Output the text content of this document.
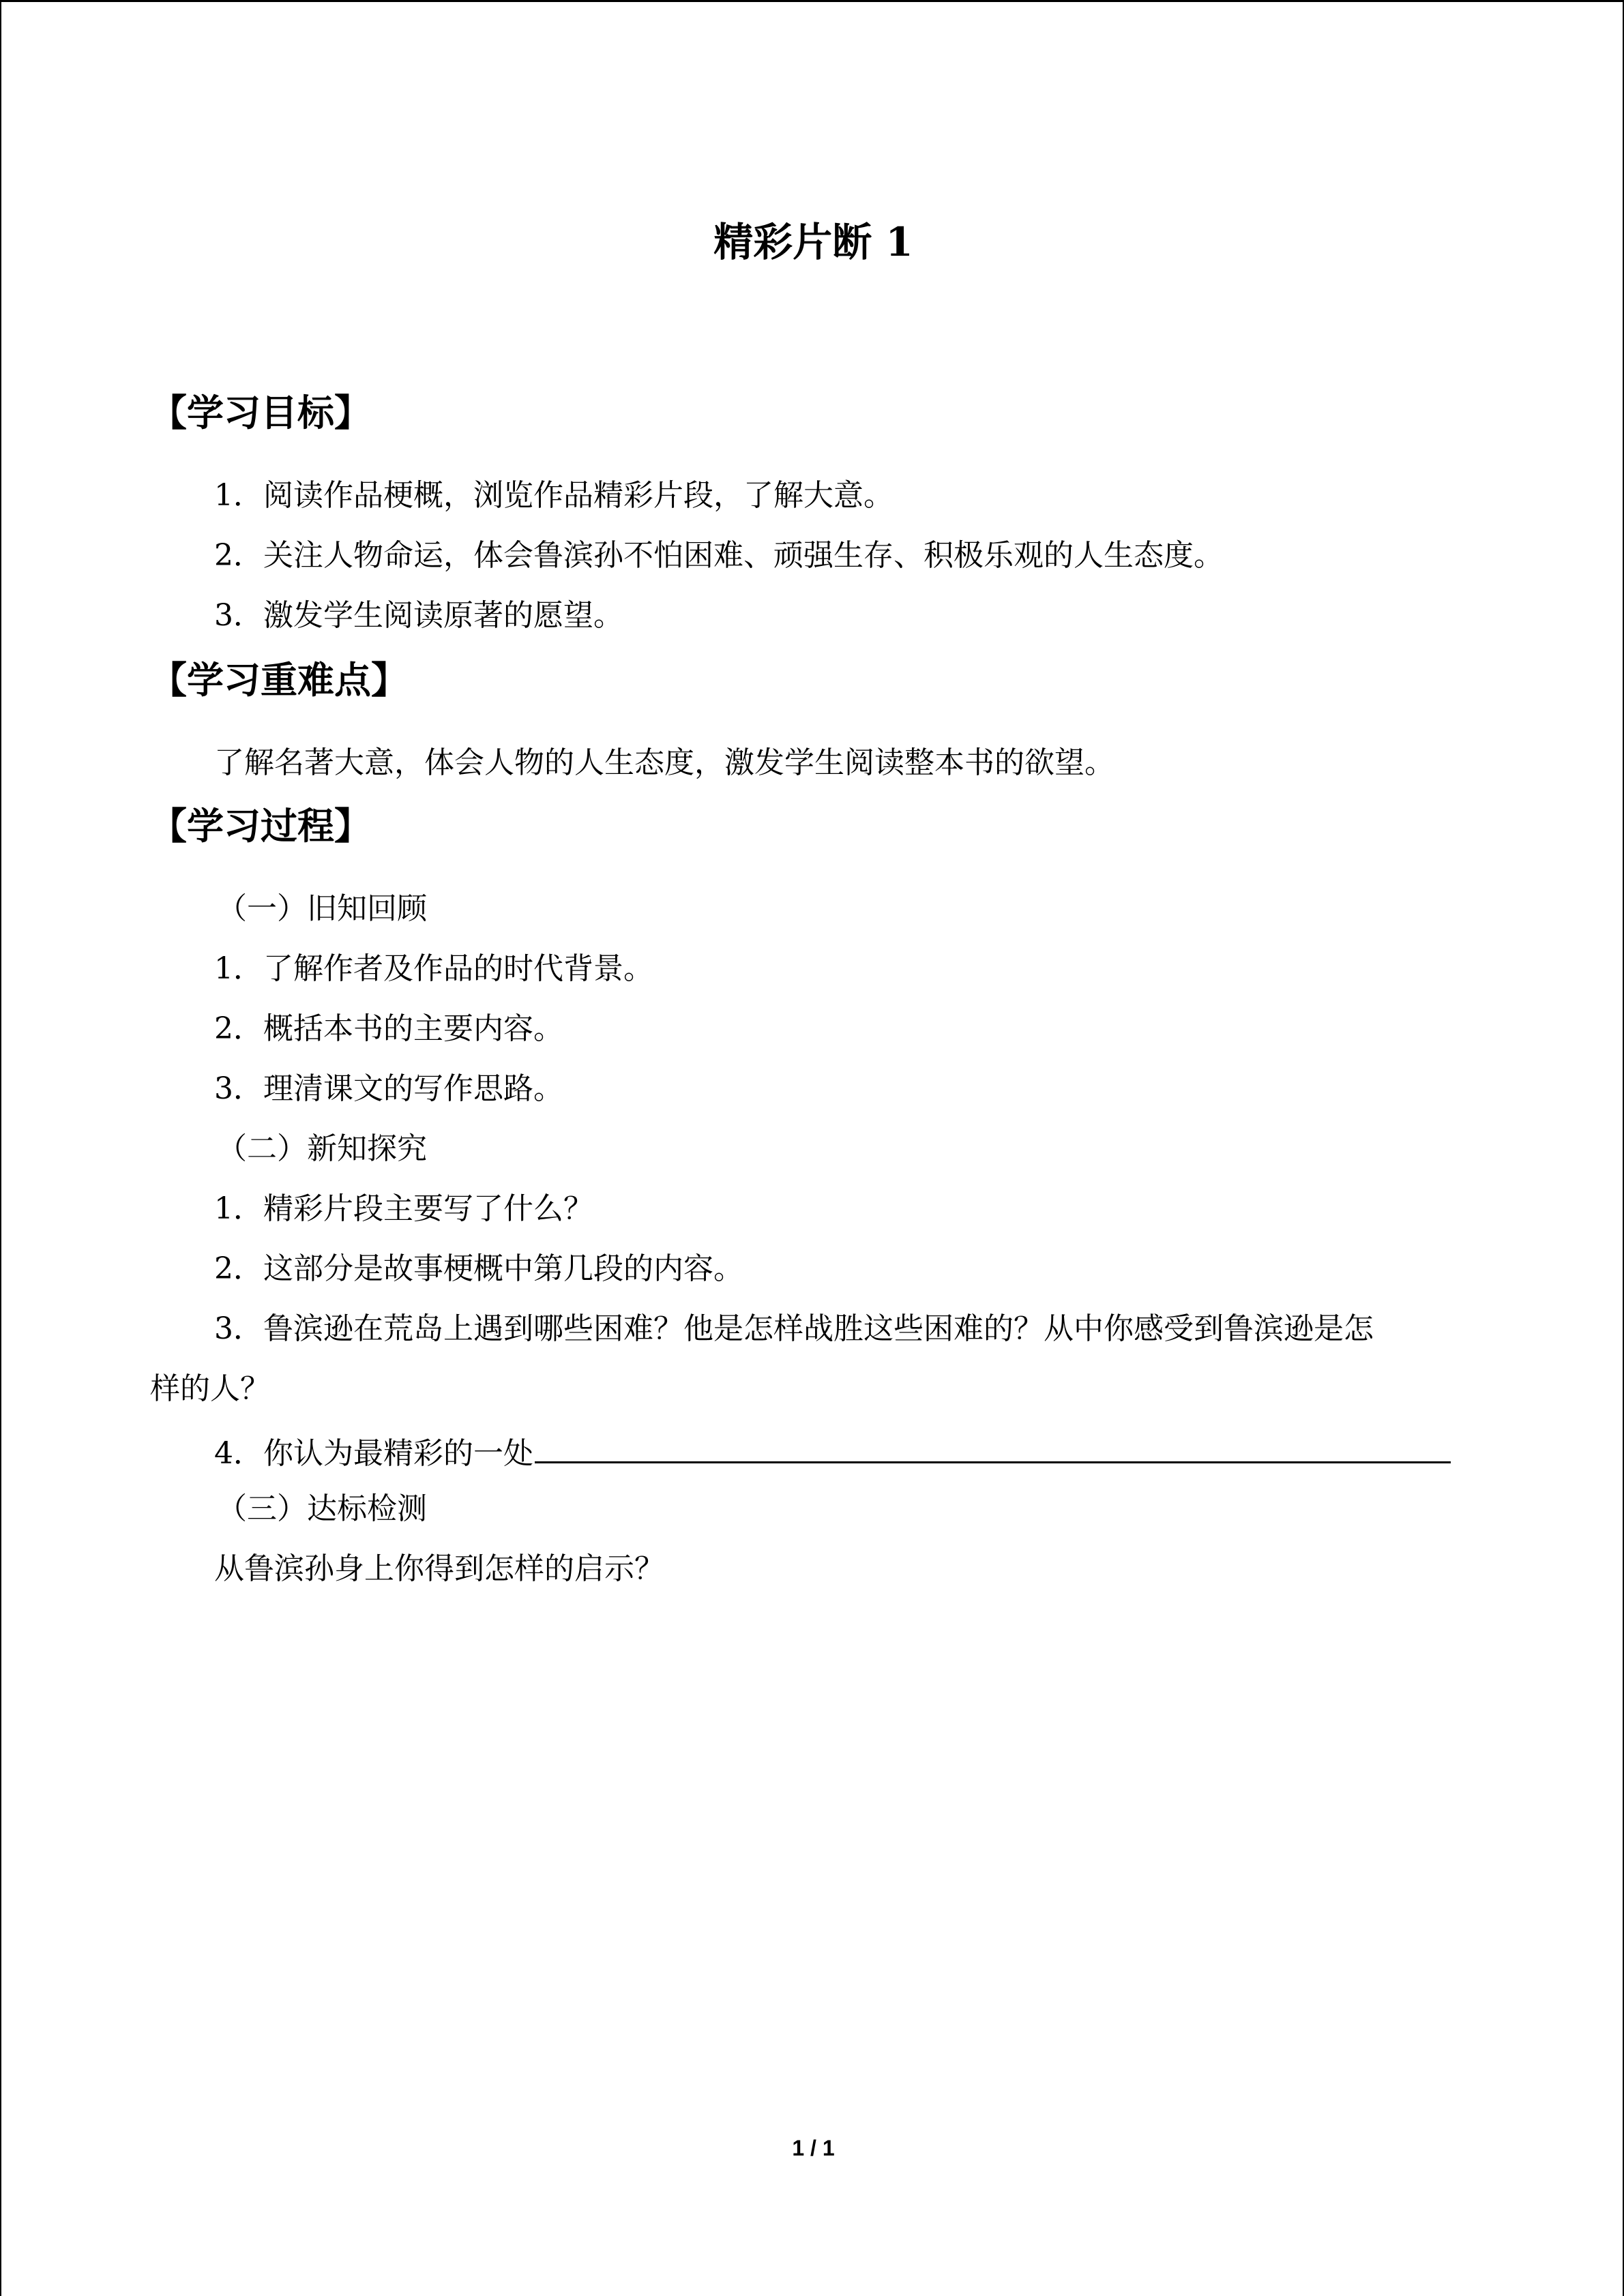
精彩片断 1
【学习目标】
1．阅读作品梗概，浏览作品精彩片段，了解大意。
2．关注人物命运，体会鲁滨孙不怕困难、顽强生存、积极乐观的人生态度。
3．激发学生阅读原著的愿望。
【学习重难点】
了解名著大意，体会人物的人生态度，激发学生阅读整本书的欲望。
【学习过程】
（一）旧知回顾
1．了解作者及作品的时代背景。
2．概括本书的主要内容。
3．理清课文的写作思路。
（二）新知探究
1．精彩片段主要写了什么？
2．这部分是故事梗概中第几段的内容。
3．鲁滨逊在荒岛上遇到哪些困难？他是怎样战胜这些困难的？从中你感受到鲁滨逊是怎
样的人？
4．你认为最精彩的一处
（三）达标检测
从鲁滨孙身上你得到怎样的启示？
1 / 1
